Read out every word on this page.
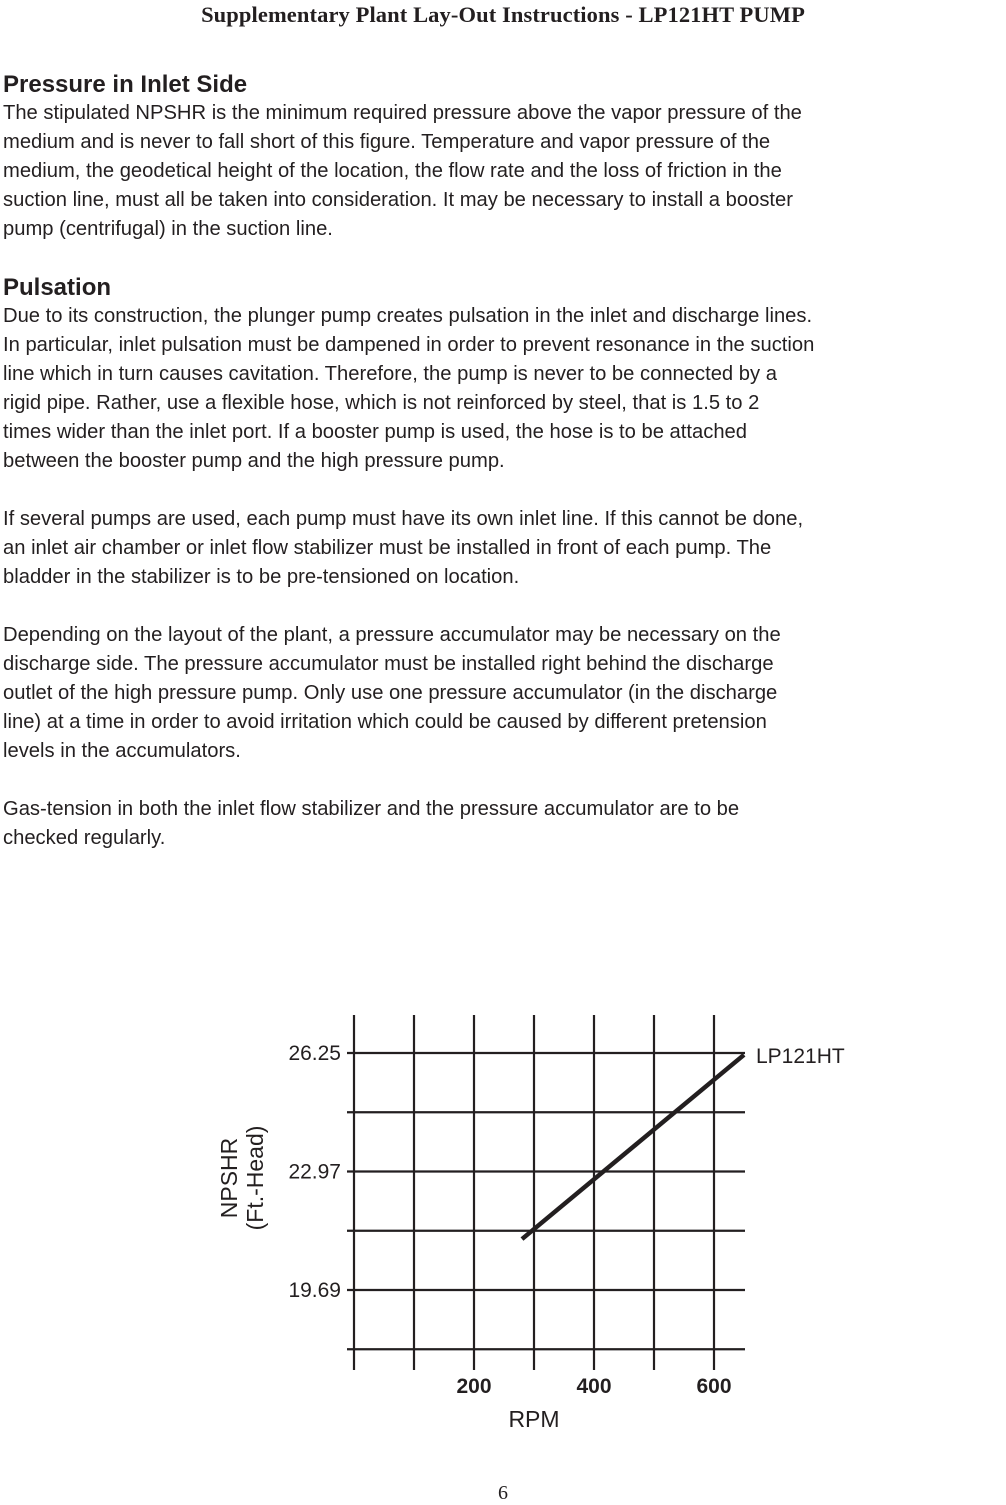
Supplementary Plant Lay-Out Instructions - LP121HT PUMP
Pressure in Inlet Side

The stipulated NPSHR is the minimum required pressure above the vapor pressure of the
medium and is never to fall short of this figure. Temperature and vapor pressure of the
medium, the geodetical height of the location, the flow rate and the loss of friction in the
suction line, must all be taken into consideration. It may be necessary to install a booster
pump (centrifugal) in the suction line.

Pulsation

Due to its construction, the plunger pump creates pulsation in the inlet and discharge lines.
In particular, inlet pulsation must be dampened in order to prevent resonance in the suction
line which in turn causes cavitation. Therefore, the pump is never to be connected by a
rigid pipe. Rather, use a flexible hose, which is not reinforced by steel, that is 1.5 to 2
times wider than the inlet port. If a booster pump is used, the hose is to be attached
between the booster pump and the high pressure pump.

If several pumps are used, each pump must have its own inlet line. If this cannot be done,
an inlet air chamber or inlet flow stabilizer must be installed in front of each pump. The
bladder in the stabilizer is to be pre-tensioned on location.

Depending on the layout of the plant, a pressure accumulator may be necessary on the
discharge side. The pressure accumulator must be installed right behind the discharge
outlet of the high pressure pump. Only use one pressure accumulator (in the discharge
line) at a time in order to avoid irritation which could be caused by different pretension
levels in the accumulators.

Gas-tension in both the inlet flow stabilizer and the pressure accumulator are to be
checked regularly.

19.69
22.97
26.25
200	400	600
RPM
NPSHR (Ft.-Head)
LP121HT
6
